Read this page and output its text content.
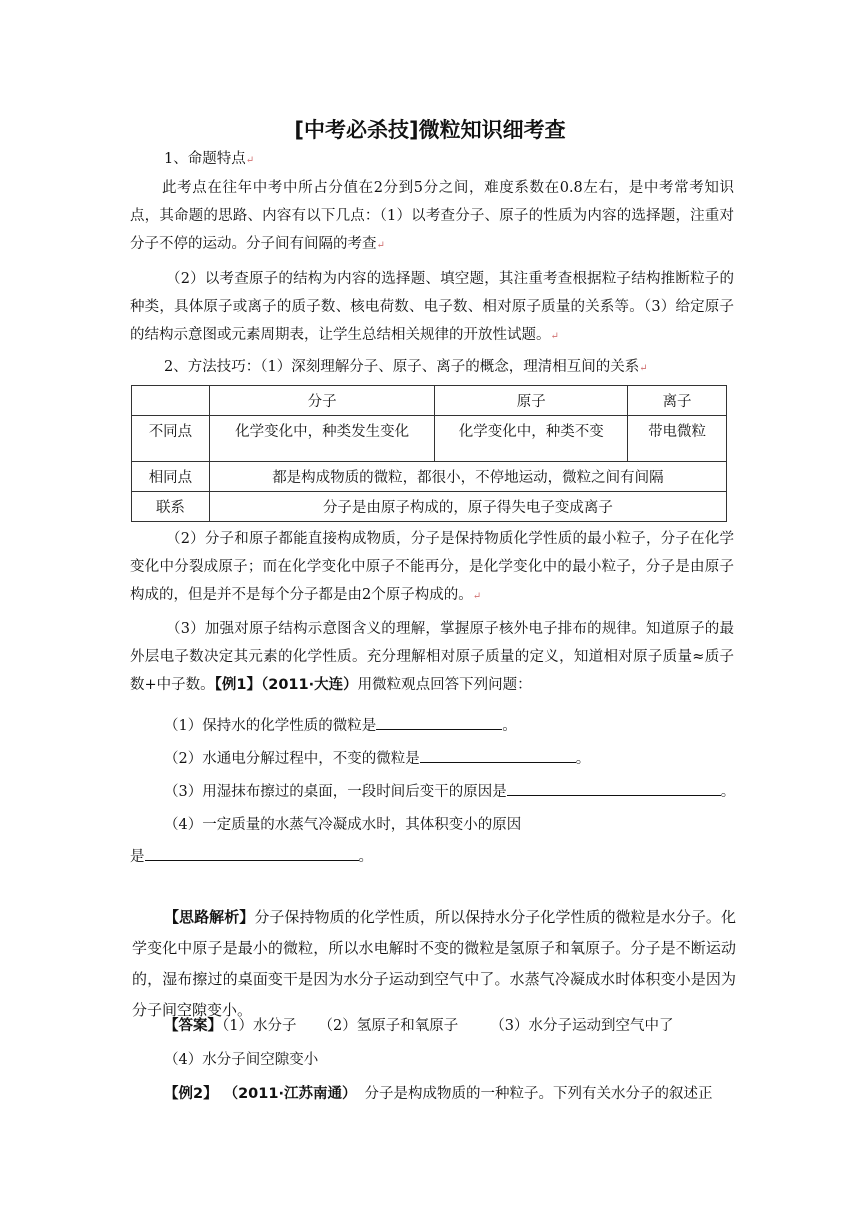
[中考必杀技]微粒知识细考查
1、命题特点↵
此考点在往年中考中所占分值在2分到5分之间，难度系数在0.8左右，是中考常考知识点，其命题的思路、内容有以下几点：（1）以考查分子、原子的性质为内容的选择题，注重对分子不停的运动。分子间有间隔的考查↵
（2）以考查原子的结构为内容的选择题、填空题，其注重考查根据粒子结构推断粒子的种类，具体原子或离子的质子数、核电荷数、电子数、相对原子质量的关系等。（3）给定原子的结构示意图或元素周期表，让学生总结相关规律的开放性试题。↵
2、方法技巧：（1）深刻理解分子、原子、离子的概念，理清相互间的关系↵
	分子	原子	离子
不同点	化学变化中，种类发生变化	化学变化中，种类不变	带电微粒
相同点	都是构成物质的微粒，都很小，不停地运动，微粒之间有间隔		
联系	分子是由原子构成的，原子得失电子变成离子		
（2）分子和原子都能直接构成物质，分子是保持物质化学性质的最小粒子，分子在化学变化中分裂成原子；而在化学变化中原子不能再分，是化学变化中的最小粒子，分子是由原子构成的，但是并不是每个分子都是由2个原子构成的。↵
（3）加强对原子结构示意图含义的理解，掌握原子核外电子排布的规律。知道原子的最外层电子数决定其元素的化学性质。充分理解相对原子质量的定义，知道相对原子质量≈质子数+中子数。【例1】（2011·大连）用微粒观点回答下列问题：
（1）保持水的化学性质的微粒是	。
（2）水通电分解过程中，不变的微粒是	。
（3）用湿抹布擦过的桌面，一段时间后变干的原因是	。
（4）一定质量的水蒸气冷凝成水时，其体积变小的原因
是	。
【思路解析】分子保持物质的化学性质，所以保持水分子化学性质的微粒是水分子。化学变化中原子是最小的微粒，所以水电解时不变的微粒是氢原子和氧原子。分子是不断运动的，湿布擦过的桌面变干是因为水分子运动到空气中了。水蒸气冷凝成水时体积变小是因为分子间空隙变小。
【答案】（1）水分子 （2）氢原子和氧原子 （3）水分子运动到空气中了
（4）水分子间空隙变小
【例2】 （2011·江苏南通） 分子是构成物质的一种粒子。下列有关水分子的叙述正
